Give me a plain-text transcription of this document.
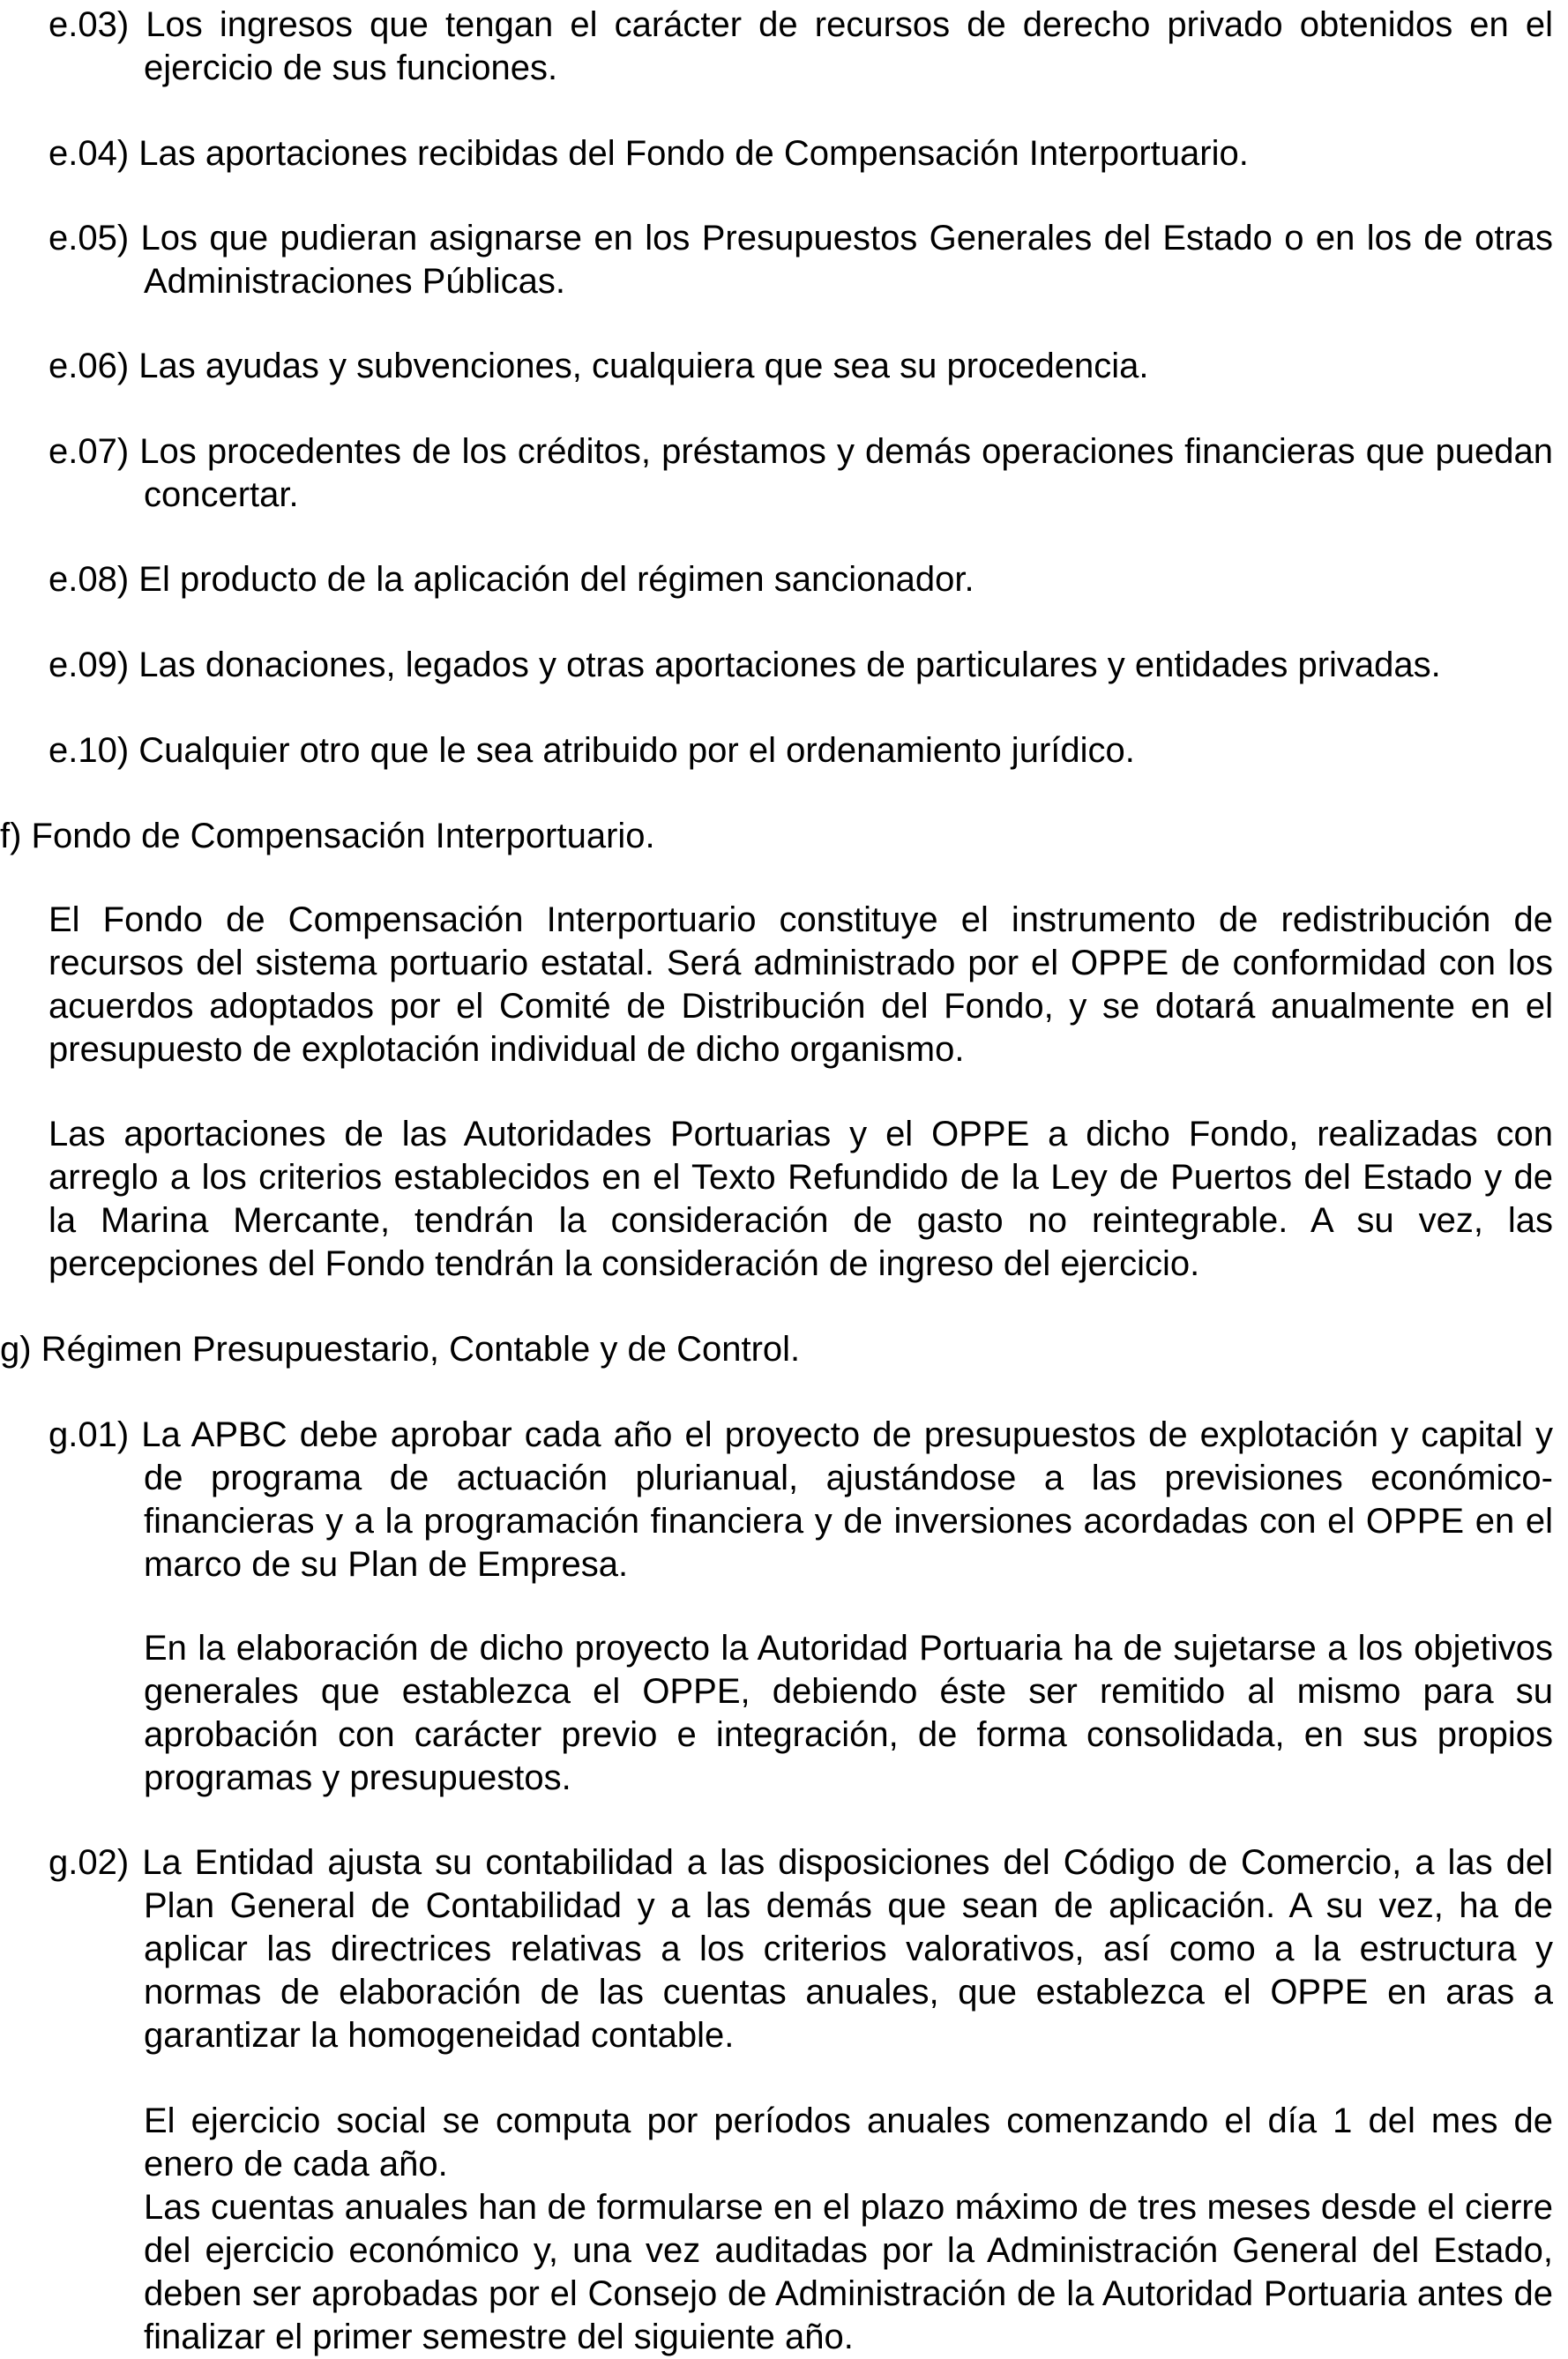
e.03) Los ingresos que tengan el carácter de recursos de derecho privado obtenidos en el ejercicio de sus funciones.

e.04) Las aportaciones recibidas del Fondo de Compensación Interportuario.

e.05) Los que pudieran asignarse en los Presupuestos Generales del Estado o en los de otras Administraciones Públicas.

e.06) Las ayudas y subvenciones, cualquiera que sea su procedencia.

e.07) Los procedentes de los créditos, préstamos y demás operaciones financieras que puedan concertar.

e.08) El producto de la aplicación del régimen sancionador.

e.09) Las donaciones, legados y otras aportaciones de particulares y entidades privadas.

e.10) Cualquier otro que le sea atribuido por el ordenamiento jurídico.

f) Fondo de Compensación Interportuario.

El Fondo de Compensación Interportuario constituye el instrumento de redistribución de recursos del sistema portuario estatal. Será administrado por el OPPE de conformidad con los acuerdos adoptados por el Comité de Distribución del Fondo, y se dotará anualmente en el presupuesto de explotación individual de dicho organismo.

Las aportaciones de las Autoridades Portuarias y el OPPE a dicho Fondo, realizadas con arreglo a los criterios establecidos en el Texto Refundido de la Ley de Puertos del Estado y de la Marina Mercante, tendrán la consideración de gasto no reintegrable. A su vez, las percepciones del Fondo tendrán la consideración de ingreso del ejercicio.

g) Régimen Presupuestario, Contable y de Control.

g.01) La APBC debe aprobar cada año el proyecto de presupuestos de explotación y capital y de programa de actuación plurianual, ajustándose a las previsiones económico-financieras y a la programación financiera y de inversiones acordadas con el OPPE en el marco de su Plan de Empresa.

En la elaboración de dicho proyecto la Autoridad Portuaria ha de sujetarse a los objetivos generales que establezca el OPPE, debiendo éste ser remitido al mismo para su aprobación con carácter previo e integración, de forma consolidada, en sus propios programas y presupuestos.

g.02) La Entidad ajusta su contabilidad a las disposiciones del Código de Comercio, a las del Plan General de Contabilidad y a las demás que sean de aplicación. A su vez, ha de aplicar las directrices relativas a los criterios valorativos, así como a la estructura y normas de elaboración de las cuentas anuales, que establezca el OPPE en aras a garantizar la homogeneidad contable.

El ejercicio social se computa por períodos anuales comenzando el día 1 del mes de enero de cada año.

Las cuentas anuales han de formularse en el plazo máximo de tres meses desde el cierre del ejercicio económico y, una vez auditadas por la Administración General del Estado, deben ser aprobadas por el Consejo de Administración de la Autoridad Portuaria antes de finalizar el primer semestre del siguiente año.
